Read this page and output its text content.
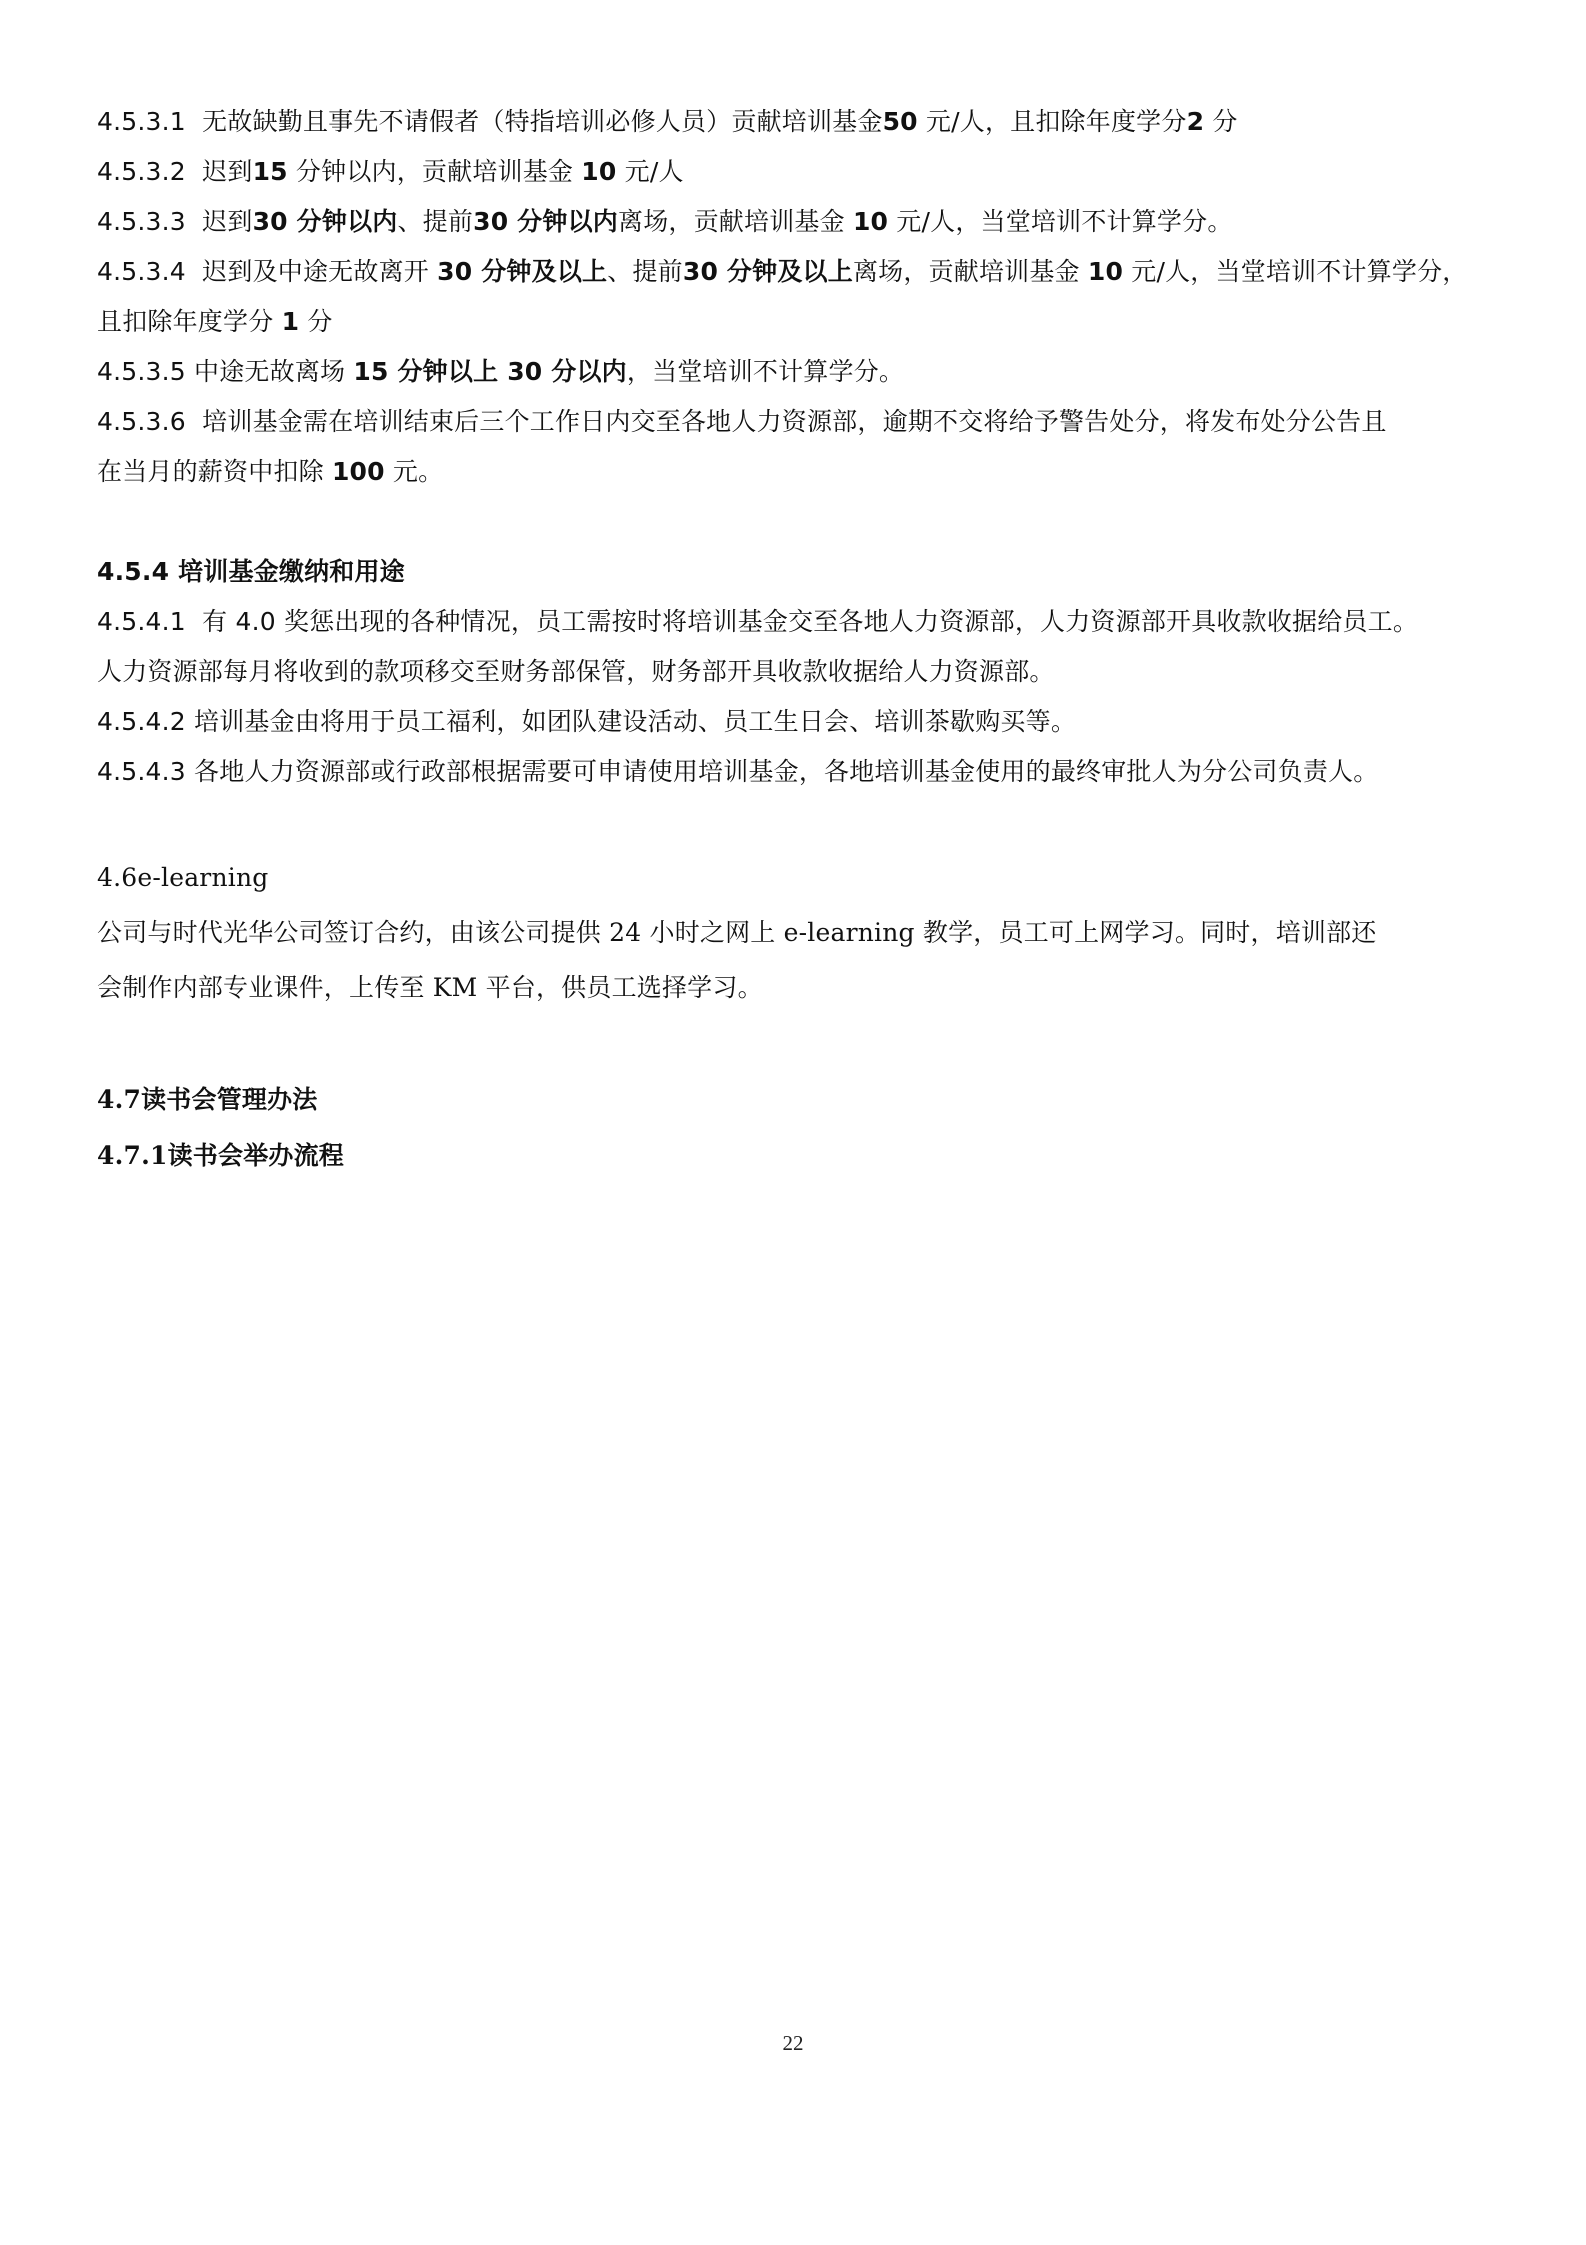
4.5.3.1 无故缺勤且事先不请假者（特指培训必修人员）贡献培训基金50 元/人，且扣除年度学分2 分
4.5.3.2 迟到15 分钟以内，贡献培训基金 10 元/人
4.5.3.3 迟到30 分钟以内、提前30 分钟以内离场，贡献培训基金 10 元/人，当堂培训不计算学分。
4.5.3.4 迟到及中途无故离开 30 分钟及以上、提前30 分钟及以上离场，贡献培训基金 10 元/人，当堂培训不计算学分，
且扣除年度学分 1 分
4.5.3.5 中途无故离场 15 分钟以上 30 分以内，当堂培训不计算学分。
4.5.3.6 培训基金需在培训结束后三个工作日内交至各地人力资源部，逾期不交将给予警告处分，将发布处分公告且
在当月的薪资中扣除 100 元。
4.5.4 培训基金缴纳和用途
4.5.4.1 有 4.0 奖惩出现的各种情况，员工需按时将培训基金交至各地人力资源部，人力资源部开具收款收据给员工。
人力资源部每月将收到的款项移交至财务部保管，财务部开具收款收据给人力资源部。
4.5.4.2 培训基金由将用于员工福利，如团队建设活动、员工生日会、培训茶歇购买等。
4.5.4.3 各地人力资源部或行政部根据需要可申请使用培训基金，各地培训基金使用的最终审批人为分公司负责人。
4.6e-learning
公司与时代光华公司签订合约，由该公司提供 24 小时之网上 e-learning 教学，员工可上网学习。同时，培训部还
会制作内部专业课件，上传至 KM 平台，供员工选择学习。
4.7读书会管理办法
4.7.1读书会举办流程
22
